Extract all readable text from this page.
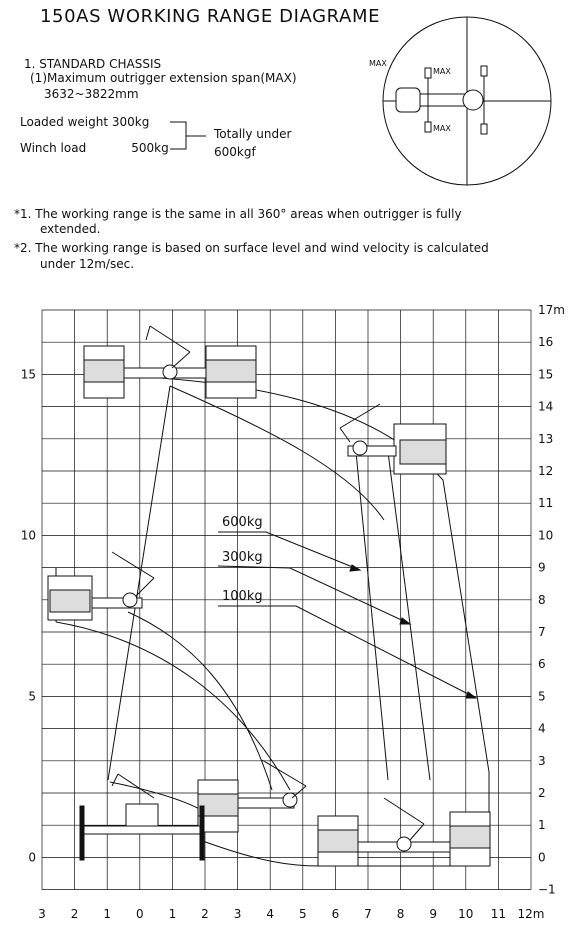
150AS WORKING RANGE DIAGRAME
1. STANDARD CHASSIS
(1)Maximum outrigger extension span(MAX)
3632~3822mm
Loaded weight 300kg
Winch load	500kg
Totally under
600kgf
*1. The working range is the same in all 360° areas when outrigger is fully
extended.
*2. The working range is based on surface level and wind velocity is calculated
under 12m/sec.
MAX
MAX
MAX
0
5
10
15
17m
16
15
14
13
12
11
10
9
8
7
6
5
4
3
2
1
0
−1
3 2 1 0 1 2 3 4 5 6 7 8 9 10 11 12m
600kg
300kg
100kg
